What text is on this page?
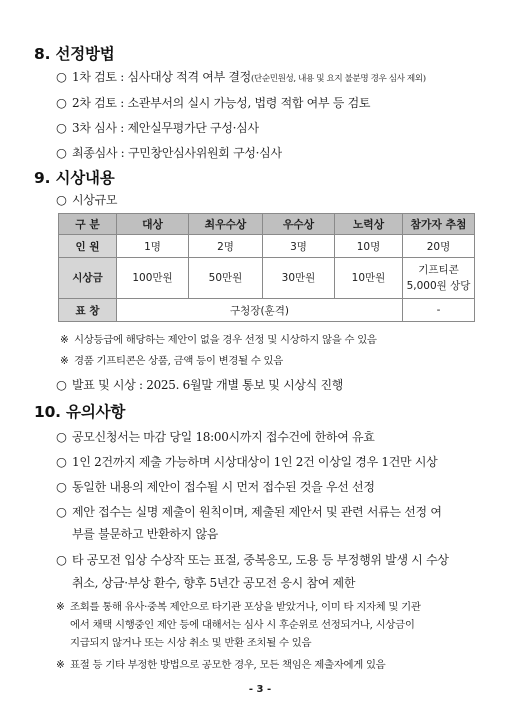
8. 선정방법
○ 1차 검토 : 심사대상 적격 여부 결정(단순민원성, 내용 및 요지 불분명 경우 심사 제외)
○ 2차 검토 : 소관부서의 실시 가능성, 법령 적합 여부 등 검토
○ 3차 심사 : 제안실무평가단 구성·심사
○ 최종심사 : 구민창안심사위원회 구성·심사
9. 시상내용
○ 시상규모
구 분	대상	최우수상	우수상	노력상	참가자 추첨
인 원	1명	2명	3명	10명	20명
시상금	100만원	50만원	30만원	10만원	기프티콘
5,000원 상당

표 창	구청장(훈격)				-
※ 시상등급에 해당하는 제안이 없을 경우 선정 및 시상하지 않을 수 있음
※ 경품 기프티콘은 상품, 금액 등이 변경될 수 있음
○ 발표 및 시상 : 2025. 6월말 개별 통보 및 시상식 진행
10. 유의사항
○ 공모신청서는 마감 당일 18:00시까지 접수건에 한하여 유효
○ 1인 2건까지 제출 가능하며 시상대상이 1인 2건 이상일 경우 1건만 시상
○ 동일한 내용의 제안이 접수될 시 먼저 접수된 것을 우선 선정
○ 제안 접수는 실명 제출이 원칙이며, 제출된 제안서 및 관련 서류는 선정 여
부를 불문하고 반환하지 않음
○ 타 공모전 입상 수상작 또는 표절, 중복응모, 도용 등 부정행위 발생 시 수상
취소, 상금·부상 환수, 향후 5년간 공모전 응시 참여 제한
※ 조회를 통해 유사·중복 제안으로 타기관 포상을 받았거나, 이미 타 지자체 및 기관
에서 채택 시행중인 제안 등에 대해서는 심사 시 후순위로 선정되거나, 시상금이
지급되지 않거나 또는 시상 취소 및 반환 조치될 수 있음
※ 표절 등 기타 부정한 방법으로 공모한 경우, 모든 책임은 제출자에게 있음
- 3 -
